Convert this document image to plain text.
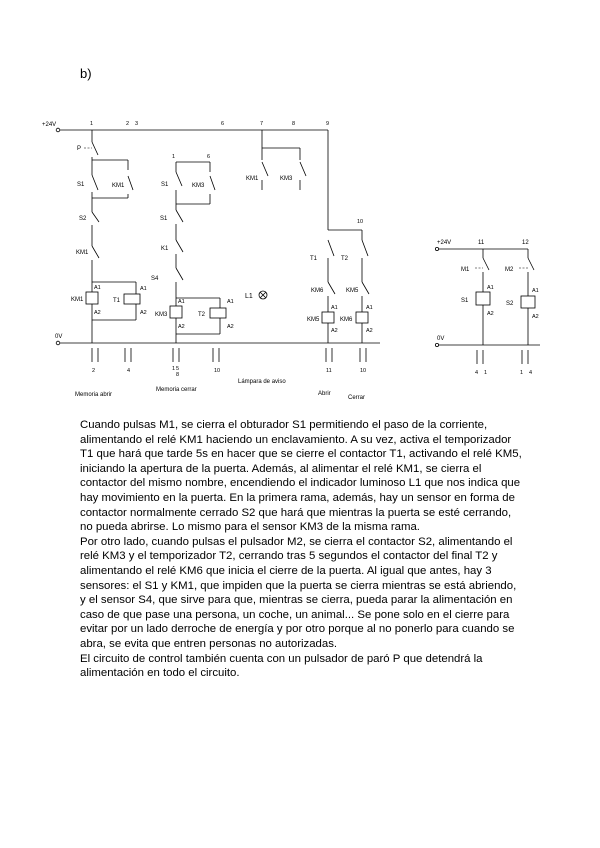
b)
+24V
0V
1	2 3	6	7	8	9
10
P
S1
S2
KM1
KM1
KM1
A1
A2
T1
A1
A2
1
S1
S1
K1
S4
6
KM3
KM3
A1
A2
T2
A1
A2
L1
KM1	KM3
T1
KM6
KM5
A1
A2
T2
KM5
KM6
A1
A2
2	4	1 5
8
10	11	10
Memoria abrir
Memoria cerrar
Lámpara de aviso
Abrir
Cerrar
+24V	11	12
M1
S1
A1
A2
M2
S2
A1
A2
0V
4 1	1 4

Cuando pulsas M1, se cierra el obturador S1 permitiendo el paso de la corriente, alimentando el relé KM1 haciendo un enclavamiento. A su vez, activa el temporizador T1 que hará que tarde 5s en hacer que se cierre el contactor T1, activando el relé KM5, iniciando la apertura de la puerta. Además, al alimentar el relé KM1, se cierra el contactor del mismo nombre, encendiendo el indicador luminoso L1 que nos indica que hay movimiento en la puerta. En la primera rama, además, hay un sensor en forma de contactor normalmente cerrado S2 que hará que mientras la puerta se esté cerrando, no pueda abrirse. Lo mismo para el sensor KM3 de la misma rama.

Por otro lado, cuando pulsas el pulsador M2, se cierra el contactor S2, alimentando el relé KM3 y el temporizador T2, cerrando tras 5 segundos el contactor del final T2 y alimentando el relé KM6 que inicia el cierre de la puerta. Al igual que antes, hay 3 sensores: el S1 y KM1, que impiden que la puerta se cierra mientras se está abriendo, y el sensor S4, que sirve para que, mientras se cierra, pueda parar la alimentación en caso de que pase una persona, un coche, un animal... Se pone solo en el cierre para evitar por un lado derroche de energía y por otro porque al no ponerlo para cuando se abra, se evita que entren personas no autorizadas.

El circuito de control también cuenta con un pulsador de paró P que detendrá la alimentación en todo el circuito.
